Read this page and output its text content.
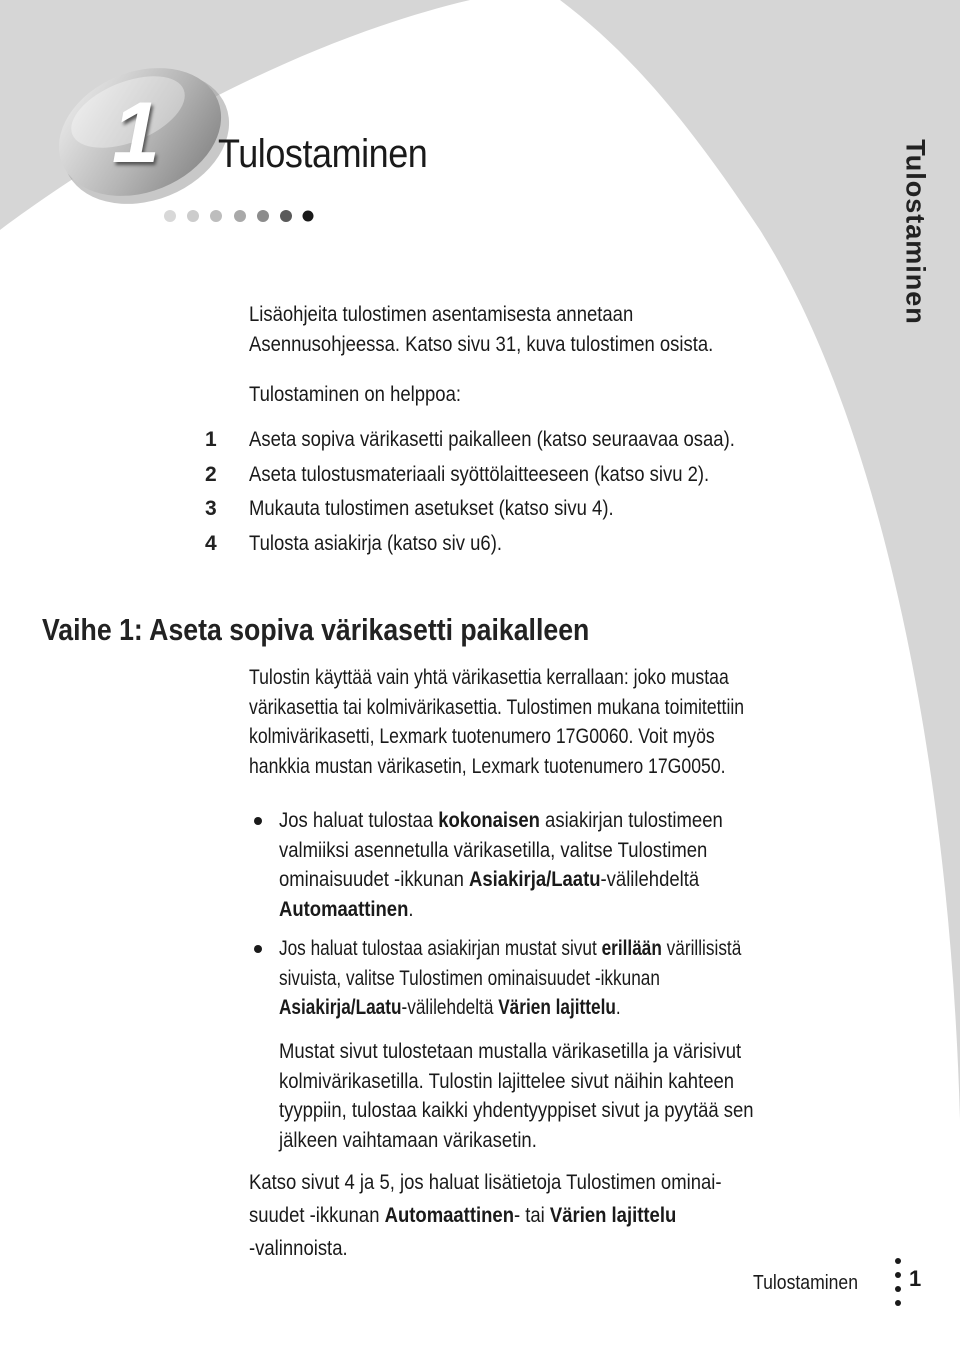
1 Tulostaminen	Tulostaminen
Lisäohjeita tulostimen asentamisesta annetaan
Asennusohjeessa. Katso sivu 31, kuva tulostimen osista.

Tulostaminen on helppoa:

1	Aseta sopiva värikasetti paikalleen (katso seuraavaa osaa).
2	Aseta tulostusmateriaali syöttölaitteeseen (katso sivu 2).
3	Mukauta tulostimen asetukset (katso sivu 4).
4	Tulosta asiakirja (katso siv u6).
Vaihe 1: Aseta sopiva värikasetti paikalleen
Tulostin käyttää vain yhtä värikasettia kerrallaan: joko mustaa
värikasettia tai kolmivärikasettia. Tulostimen mukana toimitettiin
kolmivärikasetti, Lexmark tuotenumero 17G0060. Voit myös
hankkia mustan värikasetin, Lexmark tuotenumero 17G0050.
Jos haluat tulostaa kokonaisen asiakirjan tulostimeen
valmiiksi asennetulla värikasetilla, valitse Tulostimen
ominaisuudet -ikkunan Asiakirja/Laatu-välilehdeltä
Automaattinen.
Jos haluat tulostaa asiakirjan mustat sivut erillään värillisistä
sivuista, valitse Tulostimen ominaisuudet -ikkunan
Asiakirja/Laatu-välilehdeltä Värien lajittelu.
Mustat sivut tulostetaan mustalla värikasetilla ja värisivut
kolmivärikasetilla. Tulostin lajittelee sivut näihin kahteen
tyyppiin, tulostaa kaikki yhdentyyppiset sivut ja pyytää sen
jälkeen vaihtamaan värikasetin.
Katso sivut 4 ja 5, jos haluat lisätietoja Tulostimen ominai-
suudet -ikkunan Automaattinen- tai Värien lajittelu
-valinnoista.
Tulostaminen 1
